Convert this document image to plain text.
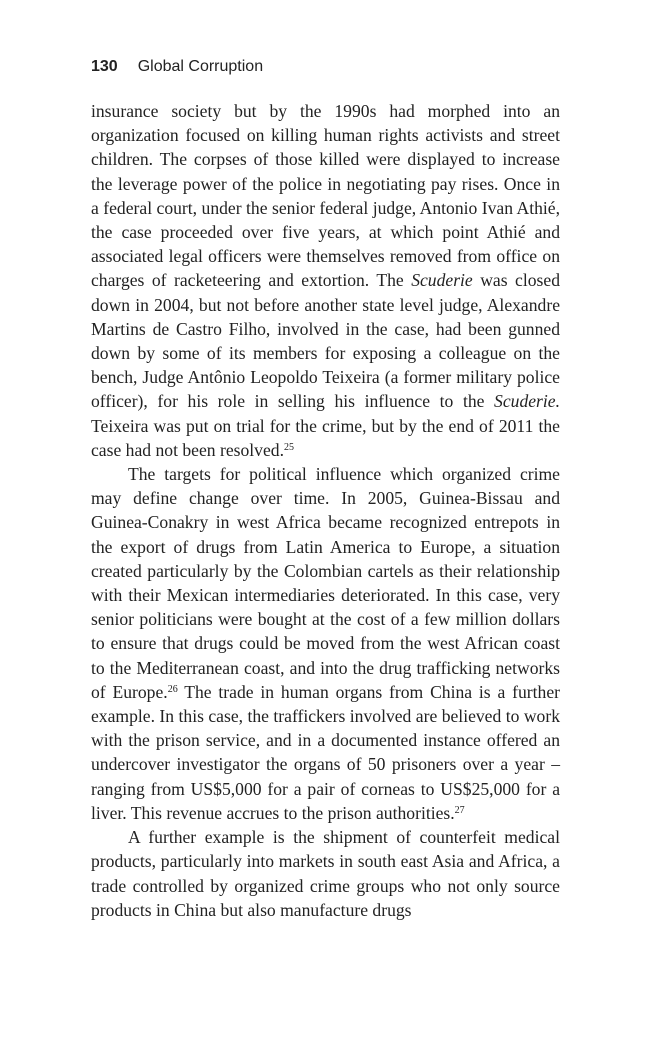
130 Global Corruption

insurance society but by the 1990s had morphed into an organization focused on killing human rights activists and street children. The corpses of those killed were displayed to increase the leverage power of the police in negotiating pay rises. Once in a federal court, under the senior federal judge, Antonio Ivan Athié, the case proceeded over five years, at which point Athié and associated legal officers were themselves removed from office on charges of racketeering and extortion. The Scuderie was closed down in 2004, but not before another state level judge, Alexandre Martins de Castro Filho, involved in the case, had been gunned down by some of its members for exposing a colleague on the bench, Judge Antônio Leopoldo Teixeira (a former military police officer), for his role in selling his influence to the Scuderie. Teixeira was put on trial for the crime, but by the end of 2011 the case had not been resolved.$^{25}$

The targets for political influence which organized crime may define change over time. In 2005, Guinea-Bissau and Guinea-Conakry in west Africa became recognized entrepots in the export of drugs from Latin America to Europe, a situation created particularly by the Colombian cartels as their relationship with their Mexican intermediaries deteriorated. In this case, very senior politicians were bought at the cost of a few million dollars to ensure that drugs could be moved from the west African coast to the Mediterranean coast, and into the drug trafficking networks of Europe.$^{26}$ The trade in human organs from China is a further example. In this case, the traffickers involved are believed to work with the prison service, and in a documented instance offered an undercover investigator the organs of 50 prisoners over a year – ranging from US$5,000 for a pair of corneas to US$25,000 for a liver. This revenue accrues to the prison authorities.$^{27}$

A further example is the shipment of counterfeit medical products, particularly into markets in south east Asia and Africa, a trade controlled by organized crime groups who not only source products in China but also manufacture drugs
